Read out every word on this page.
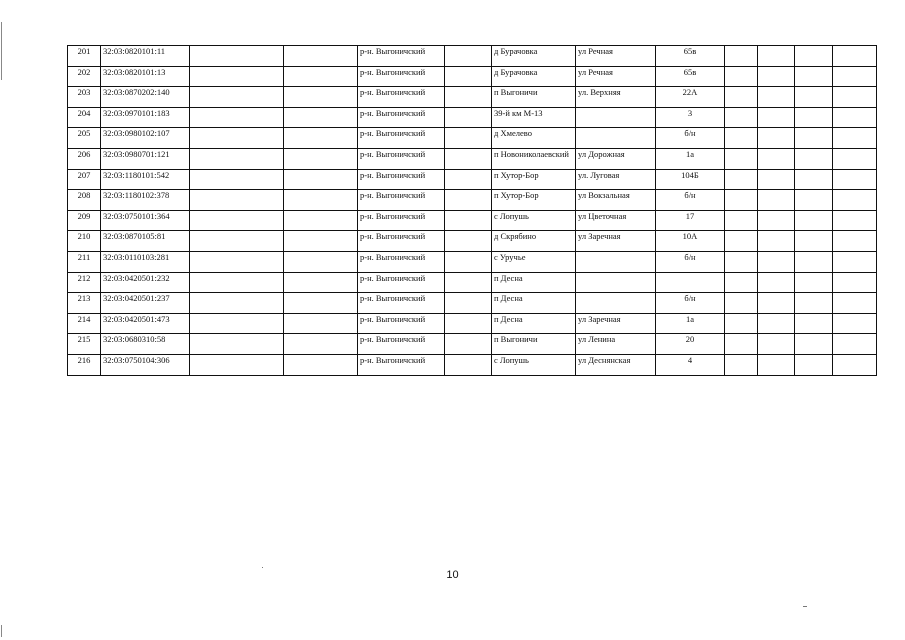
201	32:03:0820101:11			р-н. Выгоничский		д Бурачовка	ул Речная	65в				
202	32:03:0820101:13			р-н. Выгоничский		д Бурачовка	ул Речная	65в				
203	32:03:0870202:140			р-н. Выгоничский		п Выгоничи	ул. Верхняя	22А				
204	32:03:0970101:183			р-н. Выгоничский		39-й км М-13		3				
205	32:03:0980102:107			р-н. Выгоничский		д Хмелево		б/н				
206	32:03:0980701:121			р-н. Выгоничский		п Новониколаевский	ул Дорожная	1а				
207	32:03:1180101:542			р-н. Выгоничский		п Хутор-Бор	ул. Луговая	104Б				
208	32:03:1180102:378			р-н. Выгоничский		п Хутор-Бор	ул Вокзальная	б/н				
209	32:03:0750101:364			р-н. Выгоничский		с Лопушь	ул Цветочная	17				
210	32:03:0870105:81			р-н. Выгоничский		д Скрябино	ул Заречная	10А				
211	32:03:0110103:281			р-н. Выгоничский		с Уручье		б/н				
212	32:03:0420501:232			р-н. Выгоничский		п Десна						
213	32:03:0420501:237			р-н. Выгоничский		п Десна		б/н				
214	32:03:0420501:473			р-н. Выгоничский		п Десна	ул Заречная	1а				
215	32:03:0680310:58			р-н. Выгоничский		п Выгоничи	ул Ленина	20				
216	32:03:0750104:306			р-н. Выгоничский		с Лопушь	ул Деснянская	4				
10
